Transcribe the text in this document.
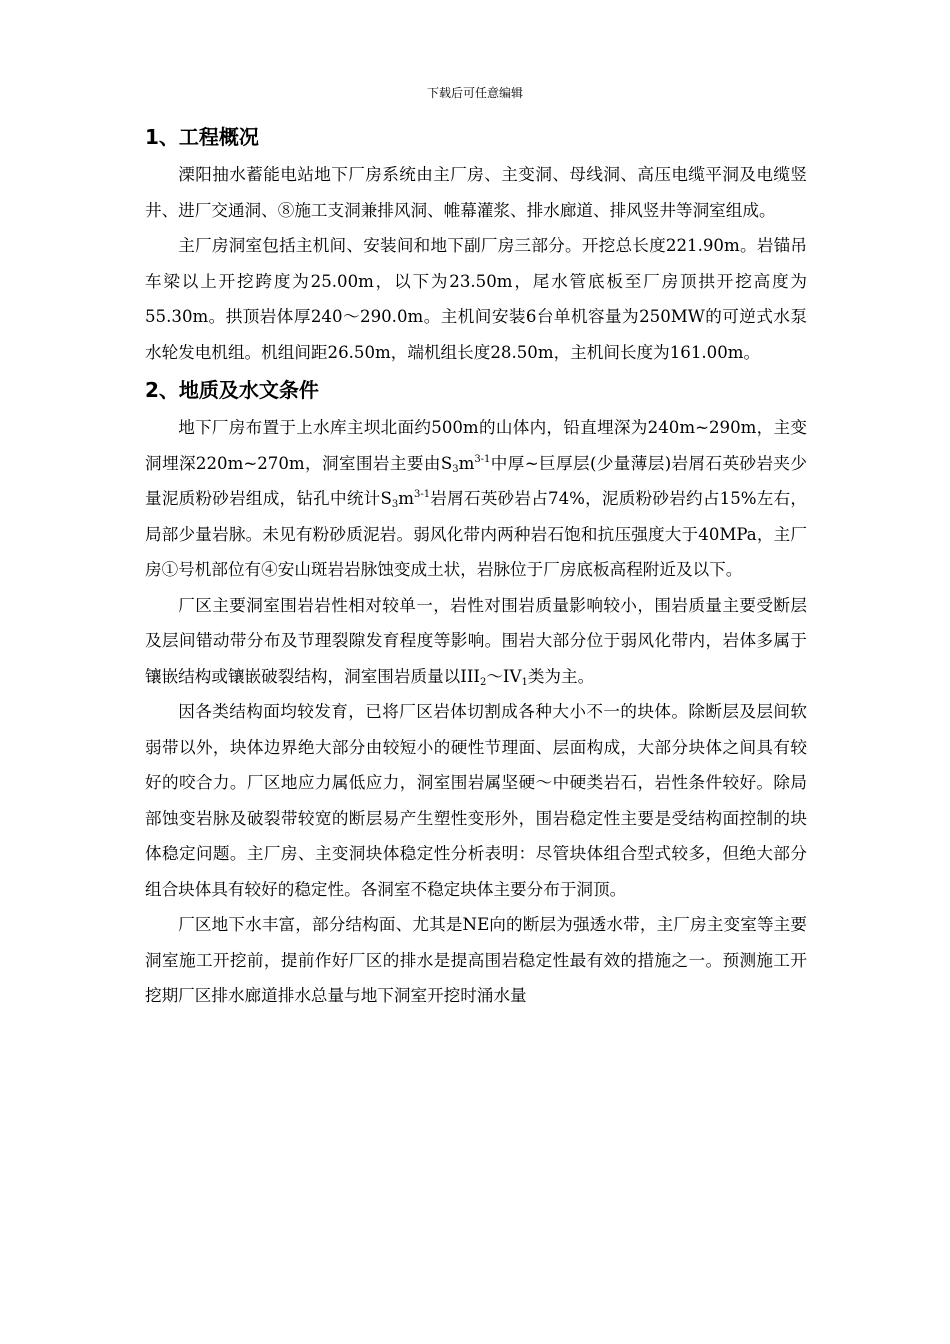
下载后可任意编辑
1、工程概况

溧阳抽水蓄能电站地下厂房系统由主厂房、主变洞、母线洞、高压电缆平洞及电缆竖井、进厂交通洞、⑧施工支洞兼排风洞、帷幕灌浆、排水廊道、排风竖井等洞室组成。

主厂房洞室包括主机间、安装间和地下副厂房三部分。开挖总长度221.90m。岩锚吊车梁以上开挖跨度为25.00m，以下为23.50m，尾水管底板至厂房顶拱开挖高度为55.30m。拱顶岩体厚240～290.0m。主机间安装6台单机容量为250MW的可逆式水泵水轮发电机组。机组间距26.50m，端机组长度28.50m，主机间长度为161.00m。

2、地质及水文条件

地下厂房布置于上水库主坝北面约500m的山体内，铅直埋深为240m~290m，主变洞埋深220m~270m，洞室围岩主要由$S_3m^{3-1}$中厚~巨厚层(少量薄层)岩屑石英砂岩夹少量泥质粉砂岩组成，钻孔中统计$S_3m^{3-1}$岩屑石英砂岩占74%，泥质粉砂岩约占15%左右，局部少量岩脉。未见有粉砂质泥岩。弱风化带内两种岩石饱和抗压强度大于40MPa，主厂房①号机部位有④安山斑岩岩脉蚀变成土状，岩脉位于厂房底板高程附近及以下。

厂区主要洞室围岩岩性相对较单一，岩性对围岩质量影响较小，围岩质量主要受断层及层间错动带分布及节理裂隙发育程度等影响。围岩大部分位于弱风化带内，岩体多属于镶嵌结构或镶嵌破裂结构，洞室围岩质量以$III_2\sim IV_1$类为主。

因各类结构面均较发育，已将厂区岩体切割成各种大小不一的块体。除断层及层间软弱带以外，块体边界绝大部分由较短小的硬性节理面、层面构成，大部分块体之间具有较好的咬合力。厂区地应力属低应力，洞室围岩属坚硬～中硬类岩石，岩性条件较好。除局部蚀变岩脉及破裂带较宽的断层易产生塑性变形外，围岩稳定性主要是受结构面控制的块体稳定问题。主厂房、主变洞块体稳定性分析表明：尽管块体组合型式较多，但绝大部分组合块体具有较好的稳定性。各洞室不稳定块体主要分布于洞顶。

厂区地下水丰富，部分结构面、尤其是NE向的断层为强透水带，主厂房主变室等主要洞室施工开挖前，提前作好厂区的排水是提高围岩稳定性最有效的措施之一。预测施工开挖期厂区排水廊道排水总量与地下洞室开挖时涌水量
